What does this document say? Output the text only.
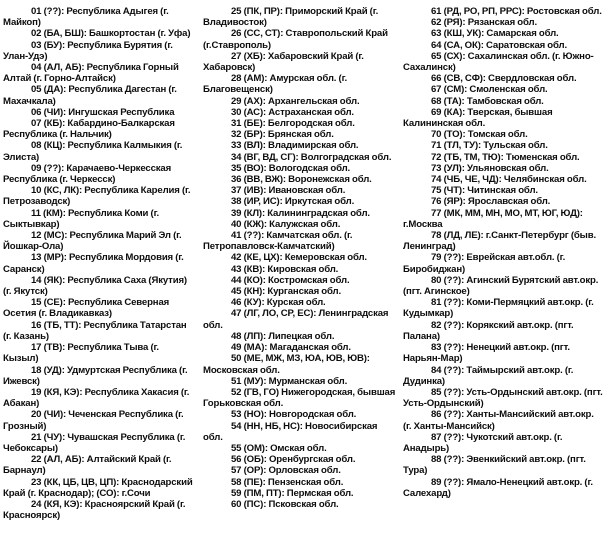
01 (??): Республика Адыгея (г. Майкоп)

02 (БА, БШ): Башкортостан (г. Уфа)

03 (БУ): Республика Бурятия (г. Улан-Удэ)

04 (АЛ, АБ): Республика Горный Алтай (г. Горно-Алтайск)

05 (ДА): Республика Дагестан (г. Махачкала)

06 (ЧИ): Ингушская Республика

07 (КБ): Кабардино-Балкарская Республика (г. Нальчик)

08 (КЦ): Республика Калмыкия (г. Элиста)

09 (??): Карачаево-Черкесская Республика (г. Черкесск)

10 (КС, ЛК): Республика Карелия (г. Петрозаводск)

11 (КМ): Республика Коми (г. Сыктывкар)

12 (МС): Республика Марий Эл (г. Йошкар-Ола)

13 (МР): Республика Мордовия (г. Саранск)

14 (ЯК): Республика Саха (Якутия) (г. Якутск)

15 (СЕ): Республика Северная Осетия (г. Владикавказ)

16 (ТБ, ТТ): Республика Татарстан (г. Казань)

17 (ТВ): Республика Тыва (г. Кызыл)

18 (УД): Удмуртская Республика (г. Ижевск)

19 (КЯ, КЭ): Республика Хакасия (г. Абакан)

20 (ЧИ): Чеченская Республика (г. Грозный)

21 (ЧУ): Чувашская Республика (г. Чебоксары)

22 (АЛ, АБ): Алтайский Край (г. Барнаул)

23 (КК, ЦБ, ЦВ, ЦП): Краснодарский Край (г. Краснодар); (СО): г.Сочи

24 (КЯ, КЭ): Красноярский Край (г. Красноярск)

25 (ПК, ПР): Приморский Край (г. Владивосток)

26 (СС, СТ): Ставропольский Край (г.Ставрополь)

27 (ХБ): Хабаровский Край (г. Хабаровск)

28 (АМ): Амурская обл. (г. Благовещенск)

29 (АХ): Архангельская обл.

30 (АС): Астраханская обл.

31 (БЕ): Белгородская обл.

32 (БР): Брянская обл.

33 (ВЛ): Владимирская обл.

34 (ВГ, ВД, СГ): Волгоградская обл.

35 (ВО): Вологодская обл.

36 (ВВ, ВЖ): Воронежская обл.

37 (ИВ): Ивановская обл.

38 (ИР, ИС): Иркутская обл.

39 (КЛ): Калининградская обл.

40 (КЖ): Калужская обл.

41 (??): Камчатская обл. (г. Петропавловск-Камчатский)

42 (КЕ, ЦХ): Кемеровская обл.

43 (КВ): Кировская обл.

44 (КО): Костромская обл.

45 (КН): Курганская обл.

46 (КУ): Курская обл.

47 (ЛГ, ЛО, СР, ЕС): Ленинградская обл.

48 (ЛП): Липецкая обл.

49 (МА): Магаданская обл.

50 (МЕ, МЖ, МЗ, ЮА, ЮВ, ЮВ): Московская обл.

51 (МУ): Мурманская обл.

52 (ГВ, ГО) Нижегородская, бывшая Горьковская обл.

53 (НО): Новгородская обл.

54 (НН, НБ, НС): Новосибирская обл.

55 (ОМ): Омская обл.

56 (ОБ): Оренбургская обл.

57 (ОР): Орловская обл.

58 (ПЕ): Пензенская обл.

59 (ПМ, ПТ): Пермская обл.

60 (ПС): Псковская обл.

61 (РД, РО, РП, РРС): Ростовская обл.

62 (РЯ): Рязанская обл.

63 (КШ, УК): Самарская обл.

64 (СА, ОК): Саратовская обл.

65 (СХ): Сахалинская обл. (г. Южно-Сахалинск)

66 (СВ, СФ): Свердловская обл.

67 (СМ): Смоленская обл.

68 (ТА): Тамбовская обл.

69 (КА): Тверская, бывшая Калининская обл.

70 (ТО): Томская обл.

71 (ТЛ, ТУ): Тульская обл.

72 (ТБ, ТМ, ТЮ): Тюменская обл.

73 (УЛ): Ульяновская обл.

74 (ЧБ, ЧЕ, ЧД): Челябинская обл.

75 (ЧТ): Читинская обл.

76 (ЯР): Ярославская обл.

77 (МК, ММ, МН, МО, МТ, ЮГ, ЮД): г.Москва

78 (ЛД, ЛЕ): г.Санкт-Петербург (быв. Ленинград)

79 (??): Еврейская авт.обл. (г. Биробиджан)

80 (??): Агинский Бурятский авт.окр. (пгт. Агинское)

81 (??): Коми-Пермяцкий авт.окр. (г. Кудымкар)

82 (??): Корякский авт.окр. (пгт. Палана)

83 (??): Ненецкий авт.окр. (пгт. Нарьян-Мар)

84 (??): Таймырский авт.окр. (г. Дудинка)

85 (??): Усть-Ордынский авт.окр. (пгт. Усть-Ордынский)

86 (??): Ханты-Мансийский авт.окр. (г. Ханты-Мансийск)

87 (??): Чукотский авт.окр. (г. Анадырь)

88 (??): Эвенкийский авт.окр. (пгт. Тура)

89 (??): Ямало-Ненецкий авт.окр. (г. Салехард)
